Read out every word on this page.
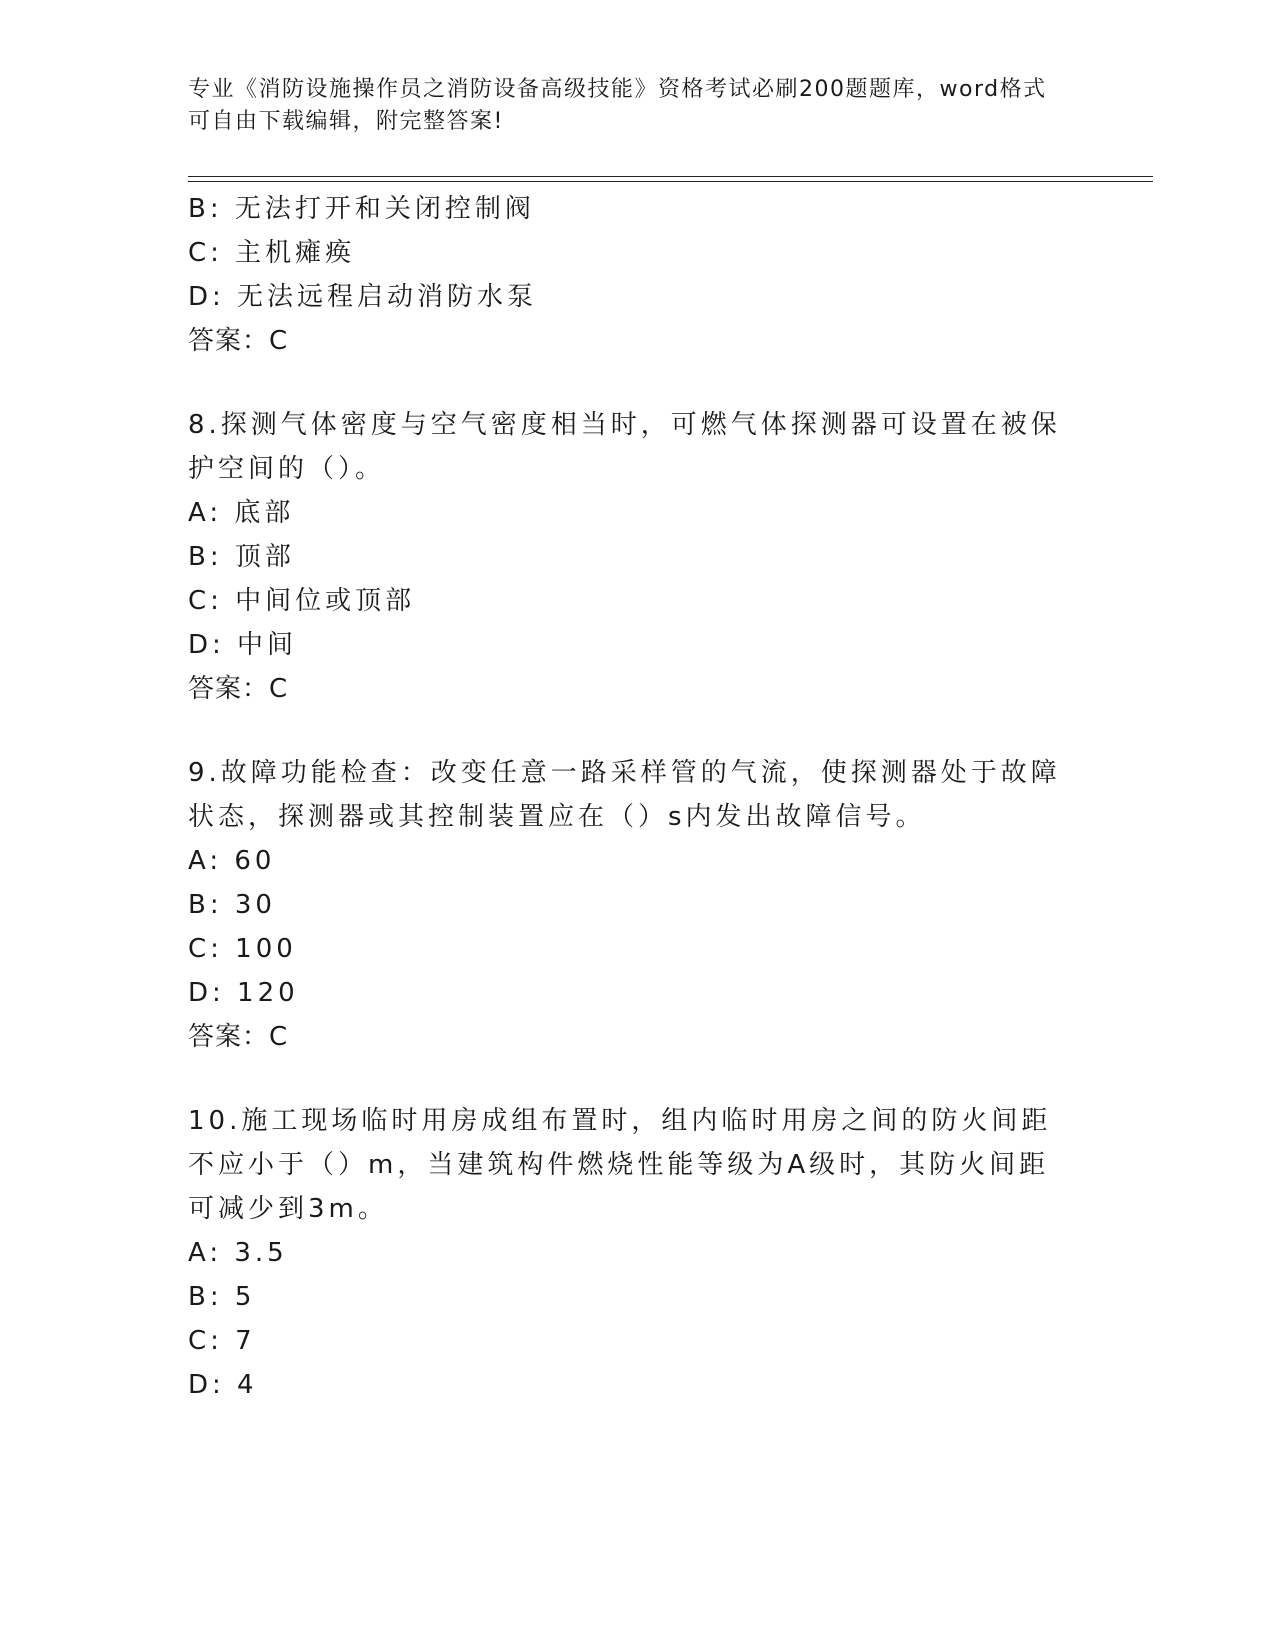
专业《消防设施操作员之消防设备高级技能》资格考试必刷200题题库，word格式可自由下载编辑，附完整答案!
B: 无法打开和关闭控制阀
C: 主机瘫痪
D: 无法远程启动消防水泵
答案：C
8.探测气体密度与空气密度相当时，可燃气体探测器可设置在被保护空间的（）。
A: 底部
B: 顶部
C: 中间位或顶部
D: 中间
答案：C
9.故障功能检查：改变任意一路采样管的气流，使探测器处于故障状态，探测器或其控制装置应在（）s内发出故障信号。
A: 60
B: 30
C: 100
D: 120
答案：C
10.施工现场临时用房成组布置时，组内临时用房之间的防火间距不应小于（）m，当建筑构件燃烧性能等级为A级时，其防火间距可减少到3m。
A: 3.5
B: 5
C: 7
D: 4
